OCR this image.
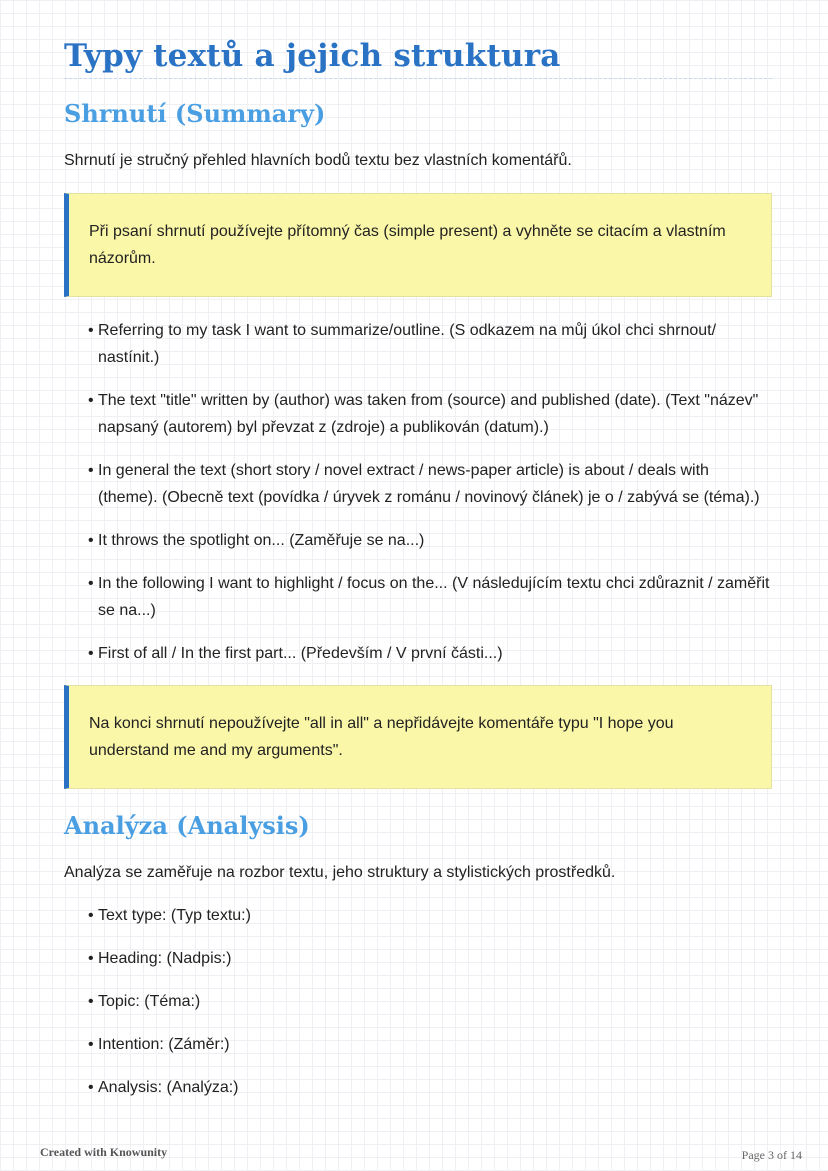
Typy textů a jejich struktura
Shrnutí (Summary)

Shrnutí je stručný přehled hlavních bodů textu bez vlastních komentářů.

Při psaní shrnutí používejte přítomný čas (simple present) a vyhněte se citacím a vlastním názorům.
• Referring to my task I want to summarize/outline. (S odkazem na můj úkol chci shrnout/ nastínit.)
• The text "title" written by (author) was taken from (source) and published (date). (Text "název" napsaný (autorem) byl převzat z (zdroje) a publikován (datum).)
• In general the text (short story / novel extract / news-paper article) is about / deals with (theme). (Obecně text (povídka / úryvek z románu / novinový článek) je o / zabývá se (téma).)
• It throws the spotlight on... (Zaměřuje se na...)
• In the following I want to highlight / focus on the... (V následujícím textu chci zdůraznit / zaměřit se na...)
• First of all / In the first part... (Především / V první části...)
Na konci shrnutí nepoužívejte "all in all" a nepřidávejte komentáře typu "I hope you understand me and my arguments".
Analýza (Analysis)

Analýza se zaměřuje na rozbor textu, jeho struktury a stylistických prostředků.

• Text type: (Typ textu:)
• Heading: (Nadpis:)
• Topic: (Téma:)
• Intention: (Záměr:)
• Analysis: (Analýza:)
Created with Knowunity	Page 3 of 14
